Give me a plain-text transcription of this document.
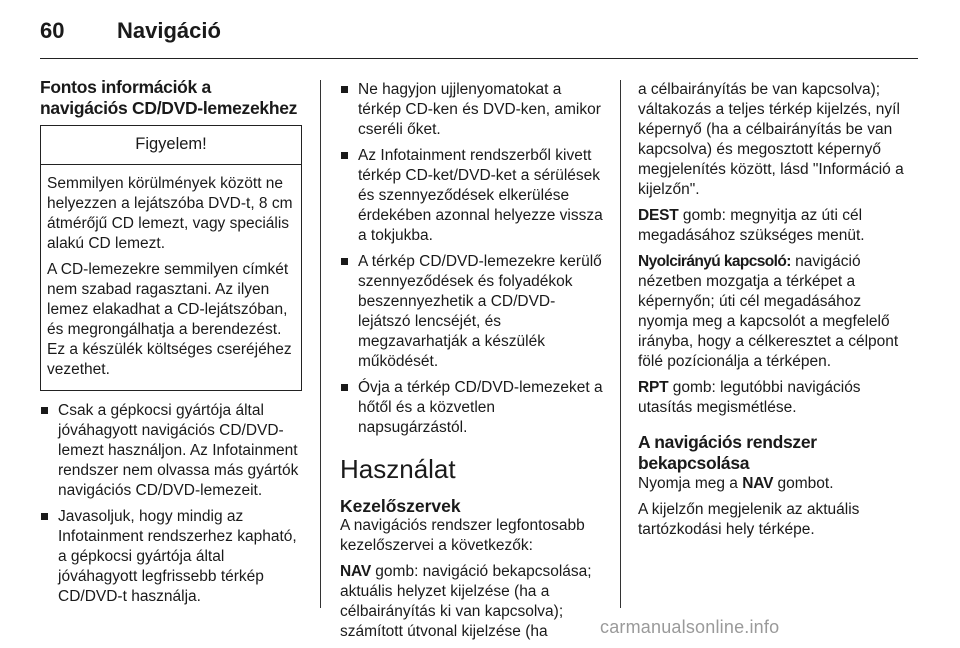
60 Navigáció
Fontos információk a navigációs CD/DVD-lemezekhez
Figyelem!

Semmilyen körülmények között ne helyezzen a lejátszóba DVD-t, 8 cm átmérőjű CD lemezt, vagy speciális alakú CD lemezt.

A CD-lemezekre semmilyen címkét nem szabad ragasztani. Az ilyen lemez elakadhat a CD-lejátszóban, és megrongálhatja a berendezést. Ez a készülék költséges cseréjéhez vezethet.

Csak a gépkocsi gyártója által jóváhagyott navigációs CD/DVD-lemezt használjon. Az Infotainment rendszer nem olvassa más gyártók navigációs CD/DVD-lemezeit.
Javasoljuk, hogy mindig az Infotainment rendszerhez kapható, a gépkocsi gyártója által jóváhagyott legfrissebb térkép CD/DVD-t használja.
Ne hagyjon ujjlenyomatokat a térkép CD-ken és DVD-ken, amikor cseréli őket.
Az Infotainment rendszerből kivett térkép CD-ket/DVD-ket a sérülések és szennyeződések elkerülése érdekében azonnal helyezze vissza a tokjukba.
A térkép CD/DVD-lemezekre kerülő szennyeződések és folyadékok beszennyezhetik a CD/DVD-lejátszó lencséjét, és megzavarhatják a készülék működését.
Óvja a térkép CD/DVD-lemezeket a hőtől és a közvetlen napsugárzástól.
Használat
Kezelőszervek

A navigációs rendszer legfontosabb kezelőszervei a következők:

NAV gomb: navigáció bekapcsolása; aktuális helyzet kijelzése (ha a célbairányítás ki van kapcsolva); számított útvonal kijelzése (ha

a célbairányítás be van kapcsolva); váltakozás a teljes térkép kijelzés, nyíl képernyő (ha a célbairányítás be van kapcsolva) és megosztott képernyő megjelenítés között, lásd "Információ a kijelzőn".

DEST gomb: megnyitja az úti cél megadásához szükséges menüt.

Nyolcirányú kapcsoló: navigáció nézetben mozgatja a térképet a képernyőn; úti cél megadásához nyomja meg a kapcsolót a megfelelő irányba, hogy a célkeresztet a célpont fölé pozícionálja a térképen.

RPT gomb: legutóbbi navigációs utasítás megismétlése.

A navigációs rendszer bekapcsolása

Nyomja meg a NAV gombot.

A kijelzőn megjelenik az aktuális tartózkodási hely térképe.

carmanualsonline.info
